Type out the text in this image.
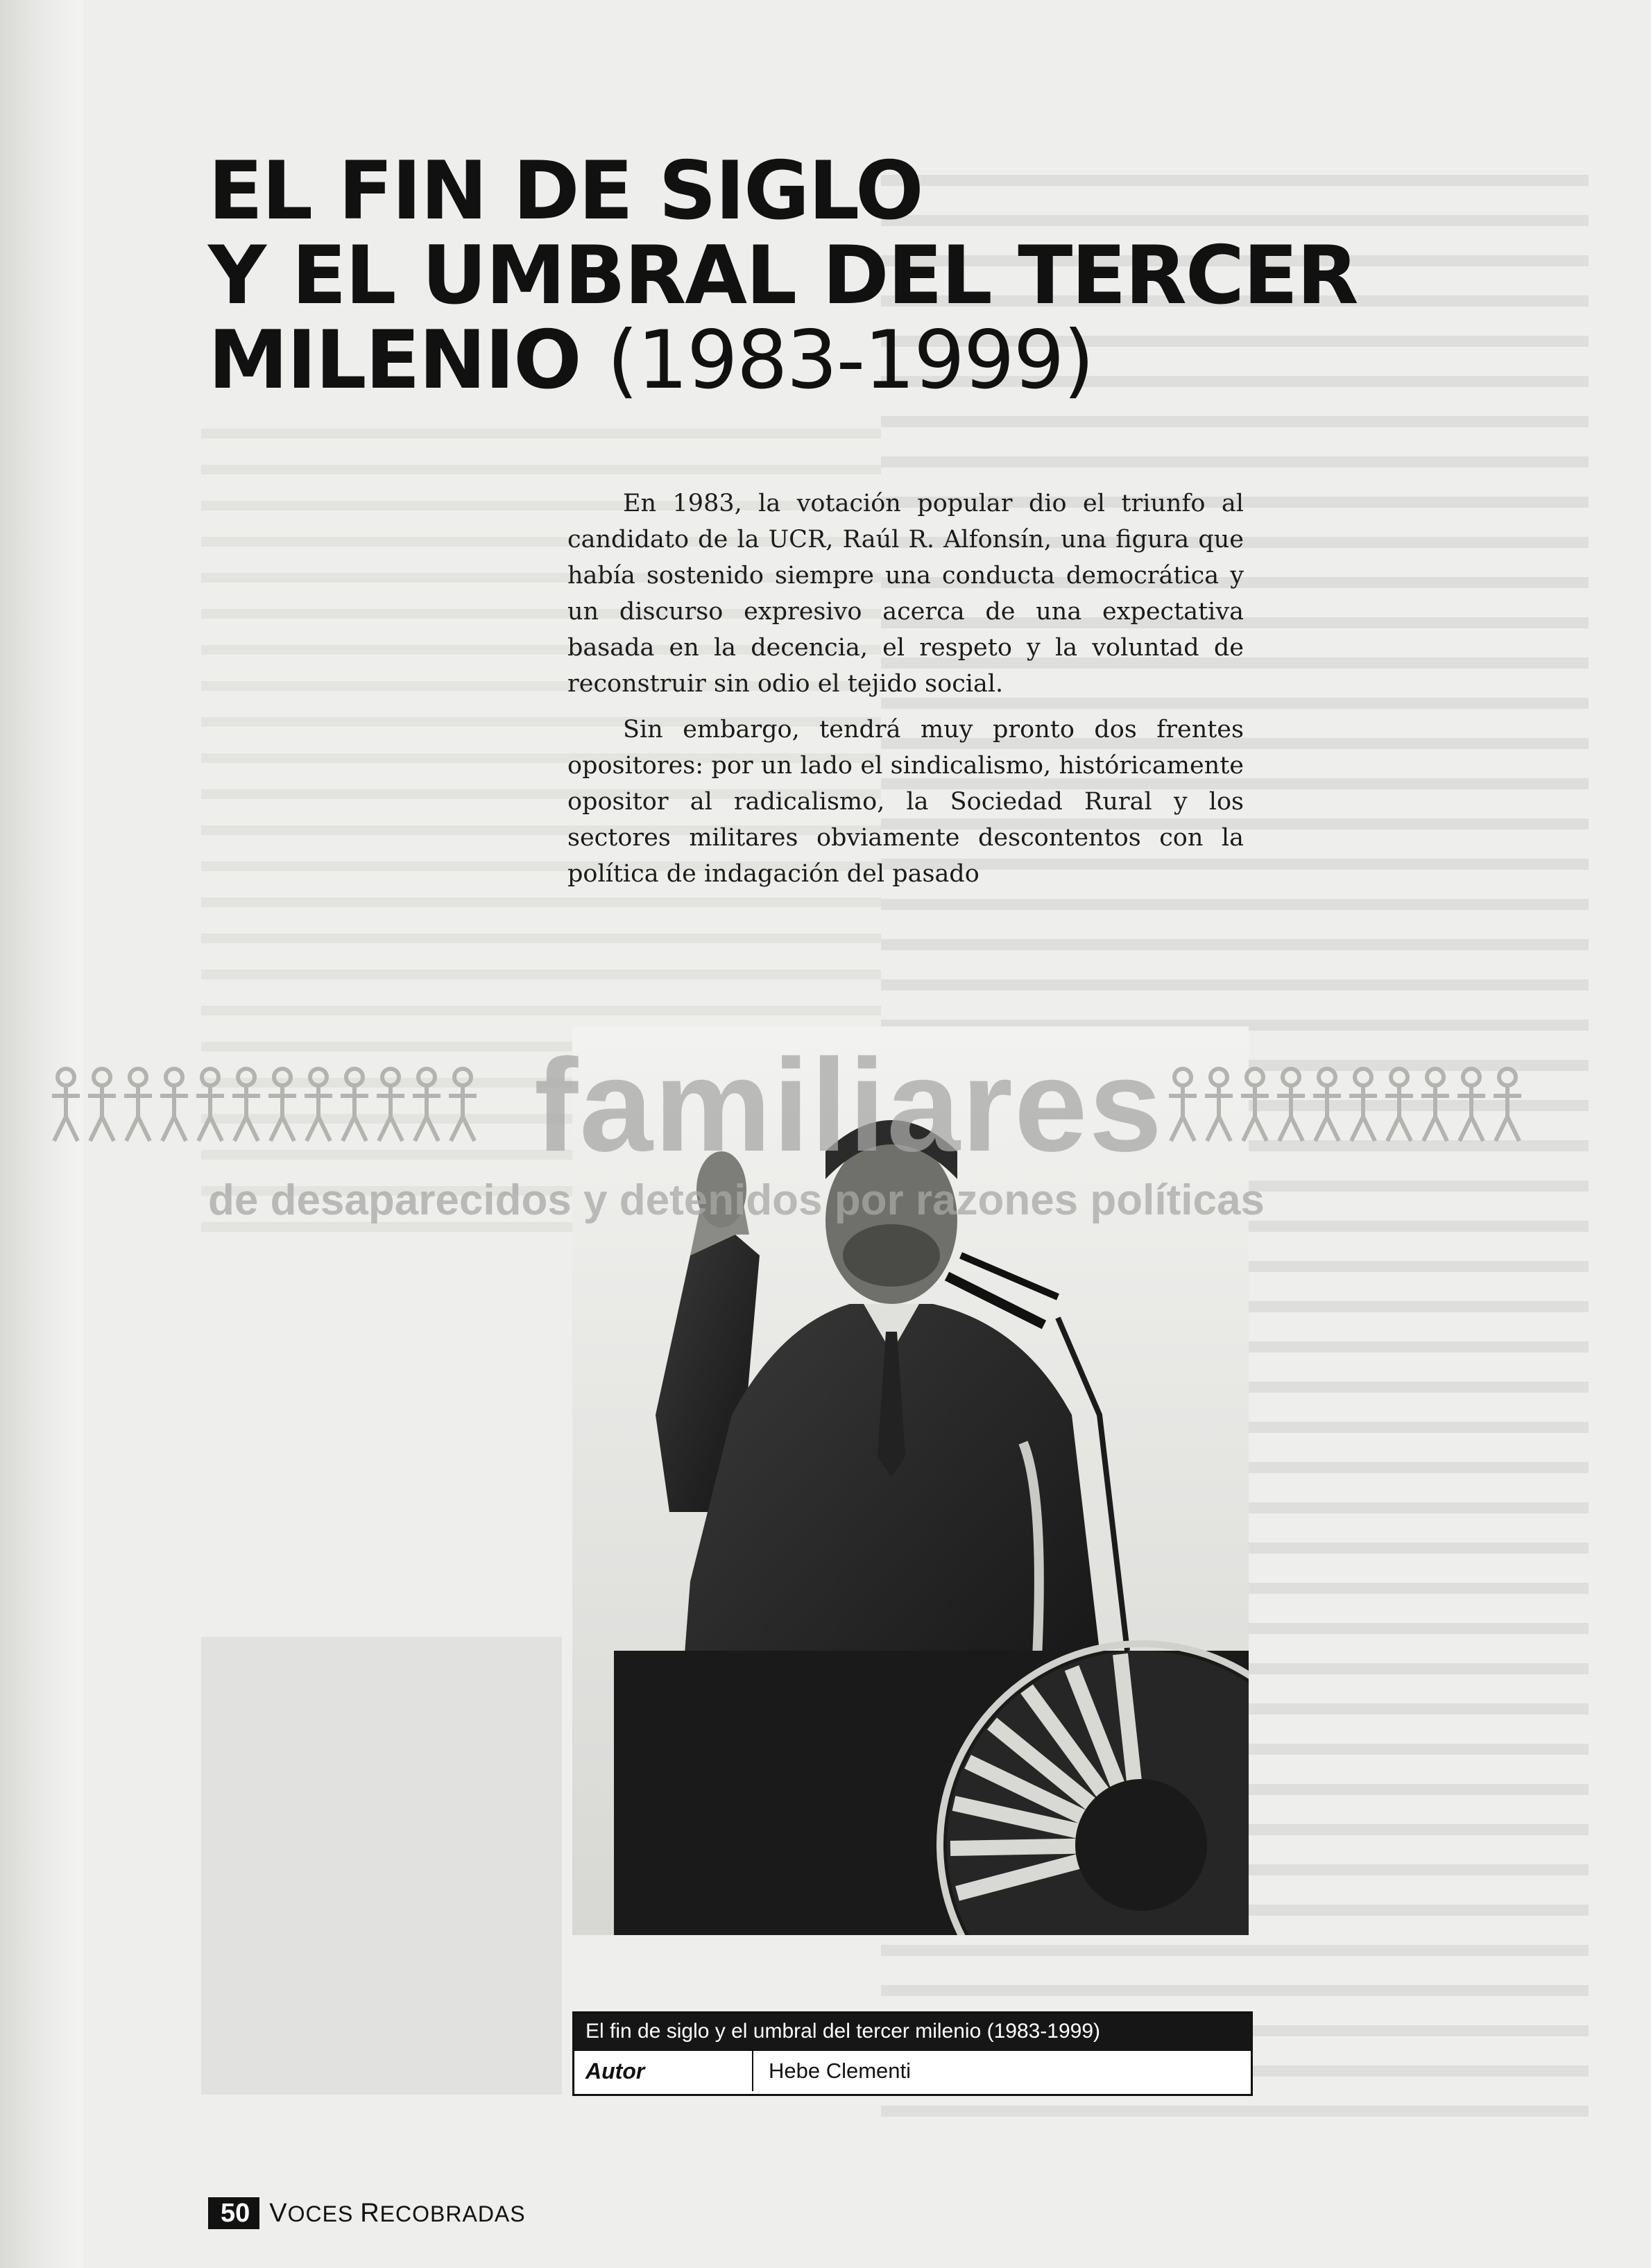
EL FIN DE SIGLO
Y EL UMBRAL DEL TERCER
MILENIO (1983-1999)

En 1983, la votación popular dio el triunfo al candidato de la UCR, Raúl R. Alfonsín, una figura que había sostenido siempre una conducta democrática y un discurso expresivo acerca de una expectativa basada en la decencia, el respeto y la voluntad de reconstruir sin odio el tejido social.

Sin embargo, tendrá muy pronto dos frentes opositores: por un lado el sindicalismo, históricamente opositor al radicalismo, la Sociedad Rural y los sectores militares obviamente descontentos con la política de indagación del pasado

familiares
de desaparecidos y detenidos por razones políticas
El fin de siglo y el umbral del tercer milenio (1983-1999)
Autor	Hebe Clementi
50 VOCES RECOBRADAS
